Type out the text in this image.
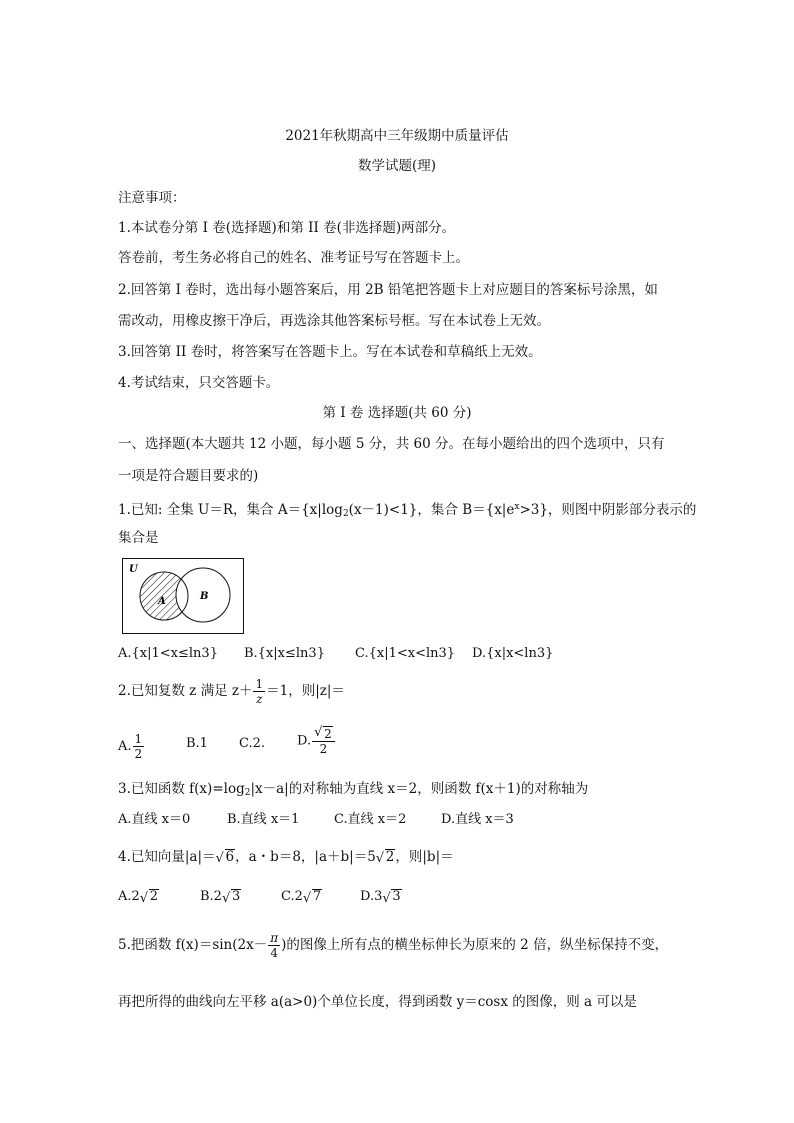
2021年秋期高中三年级期中质量评估
数学试题(理)
注意事项：
1.本试卷分第 I 卷(选择题)和第 II 卷(非选择题)两部分。
答卷前，考生务必将自己的姓名、准考证号写在答题卡上。
2.回答第 I 卷时，选出每小题答案后，用 2B 铅笔把答题卡上对应题目的答案标号涂黑，如
需改动，用橡皮擦干净后，再选涂其他答案标号框。写在本试卷上无效。
3.回答第 II 卷时，将答案写在答题卡上。写在本试卷和草稿纸上无效。
4.考试结束，只交答题卡。
第 I 卷 选择题(共 60 分)
一、选择题(本大题共 12 小题，每小题 5 分，共 60 分。在每小题给出的四个选项中，只有
一项是符合题目要求的)
1.已知: 全集 U＝R，集合 $A=\{x|\log_2(x-1)<1\}$，集合 $B=\{x|e^x>3\}$，则图中阴影部分表示的
集合是
U
A	B
A.{x|1<x≤ln3} B.{x|x≤ln3} C.{x|1<x<ln3} D.{x|x<ln3}
2.已知复数 z 满足 $z+ \frac{1}{z} =1$，则|z|＝
A. $\frac{1}{2}$	B.1 C.2. D. $\frac{√ 2}{2}$
3.已知函数 $f(x)=\log_2|x-a|$的对称轴为直线 x＝2，则函数 f(x＋1)的对称轴为
A.直线 x＝0	B.直线 x＝1	C.直线 x＝2	D.直线 x＝3
4.已知向量|a|＝ √ 6，a・b＝8，|a＋b|＝5 √ 2，则|b|＝
A.2 √ 2	B.2 √ 3	C.2 √ 7	D.3 √ 3
5.把函数 $f(x)=\sin(2x- \frac{\pi}{4}$ )的图像上所有点的横坐标伸长为原来的 2 倍，纵坐标保持不变，
再把所得的曲线向左平移 a(a>0)个单位长度，得到函数 y＝cosx 的图像，则 a 可以是
